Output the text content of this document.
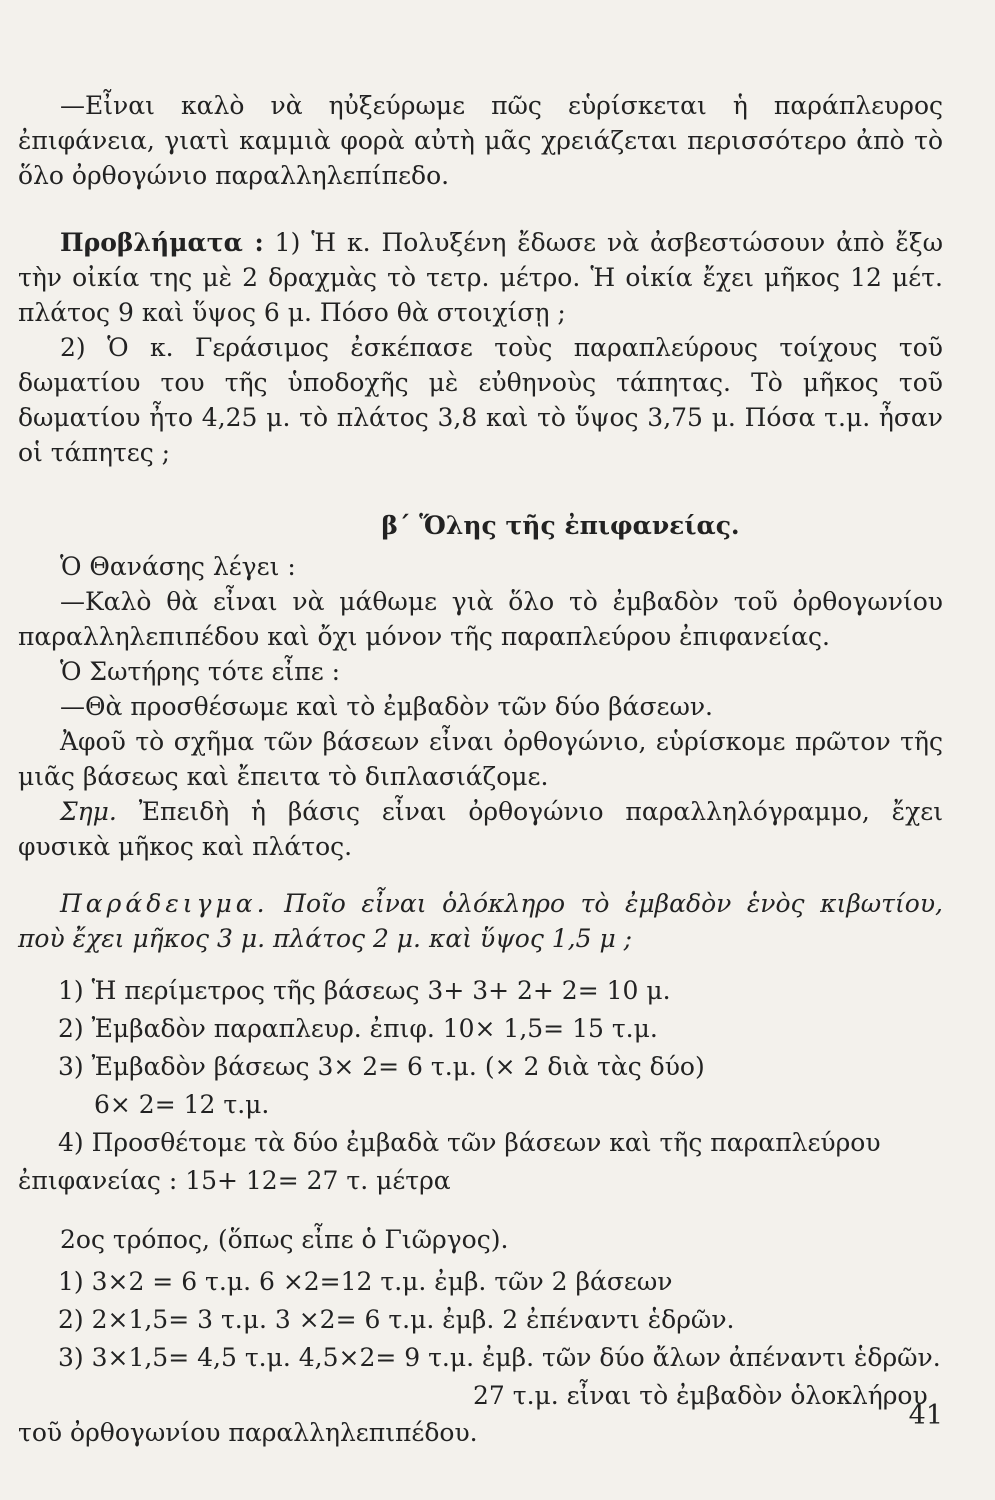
—Εἶναι καλὸ νὰ ηὐξεύρωμε πῶς εὑρίσκεται ἡ παράπλευρος ἐπιφάνεια, γιατὶ καμμιὰ φορὰ αὐτὴ μᾶς χρειάζεται περισσότερο ἀπὸ τὸ ὅλο ὀρθογώνιο παραλληλεπίπεδο.

Προβλήματα : 1) Ἡ κ. Πολυξένη ἔδωσε νὰ ἀσβεστώσουν ἀπὸ ἔξω τὴν οἰκία της μὲ 2 δραχμὰς τὸ τετρ. μέτρο. Ἡ οἰκία ἔχει μῆκος 12 μέτ. πλάτος 9 καὶ ὕψος 6 μ. Πόσο θὰ στοιχίσῃ ;

2) Ὁ κ. Γεράσιμος ἐσκέπασε τοὺς παραπλεύρους τοίχους τοῦ δωματίου του τῆς ὑποδοχῆς μὲ εὐθηνοὺς τάπητας. Τὸ μῆκος τοῦ δωματίου ἦτο 4,25 μ. τὸ πλάτος 3,8 καὶ τὸ ὕψος 3,75 μ. Πόσα τ.μ. ἦσαν οἱ τάπητες ;

β΄ Ὅλης τῆς ἐπιφανείας.

Ὁ Θανάσης λέγει :

—Καλὸ θὰ εἶναι νὰ μάθωμε γιὰ ὅλο τὸ ἐμβαδὸν τοῦ ὀρθογωνίου παραλληλεπιπέδου καὶ ὄχι μόνον τῆς παραπλεύρου ἐπιφανείας.

Ὁ Σωτήρης τότε εἶπε :

—Θὰ προσθέσωμε καὶ τὸ ἐμβαδὸν τῶν δύο βάσεων.

Ἀφοῦ τὸ σχῆμα τῶν βάσεων εἶναι ὀρθογώνιο, εὑρίσκομε πρῶτον τῆς μιᾶς βάσεως καὶ ἔπειτα τὸ διπλασιάζομε.

Σημ. Ἐπειδὴ ἡ βάσις εἶναι ὀρθογώνιο παραλληλόγραμμο, ἔχει φυσικὰ μῆκος καὶ πλάτος.

Παράδειγμα. Ποῖο εἶναι ὁλόκληρο τὸ ἐμβαδὸν ἑνὸς κιβωτίου, ποὺ ἔχει μῆκος 3 μ. πλάτος 2 μ. καὶ ὕψος 1,5 μ ;

1) Ἡ περίμετρος τῆς βάσεως 3+ 3+ 2+ 2= 10 μ.
2) Ἐμβαδὸν παραπλευρ. ἐπιφ. 10× 1,5= 15 τ.μ.
3) Ἐμβαδὸν βάσεως 3× 2= 6 τ.μ. (× 2 διὰ τὰς δύο)
6× 2= 12 τ.μ.
4) Προσθέτομε τὰ δύο ἐμβαδὰ τῶν βάσεων καὶ τῆς παραπλεύρου ἐπιφανείας : 15+ 12= 27 τ. μέτρα

2ος τρόπος, (ὅπως εἶπε ὁ Γιῶργος).

1) 3×2 = 6 τ.μ. 6 ×2=12 τ.μ. ἐμβ. τῶν 2 βάσεων
2) 2×1,5= 3 τ.μ. 3 ×2= 6 τ.μ. ἐμβ. 2 ἐπέναντι ἑδρῶν.
3) 3×1,5= 4,5 τ.μ. 4,5×2= 9 τ.μ. ἐμβ. τῶν δύο ἄλων ἀπέναντι ἑδρῶν.
27 τ.μ. εἶναι τὸ ἐμβαδὸν ὁλοκλήρου
τοῦ ὀρθογωνίου παραλληλεπιπέδου.
41
